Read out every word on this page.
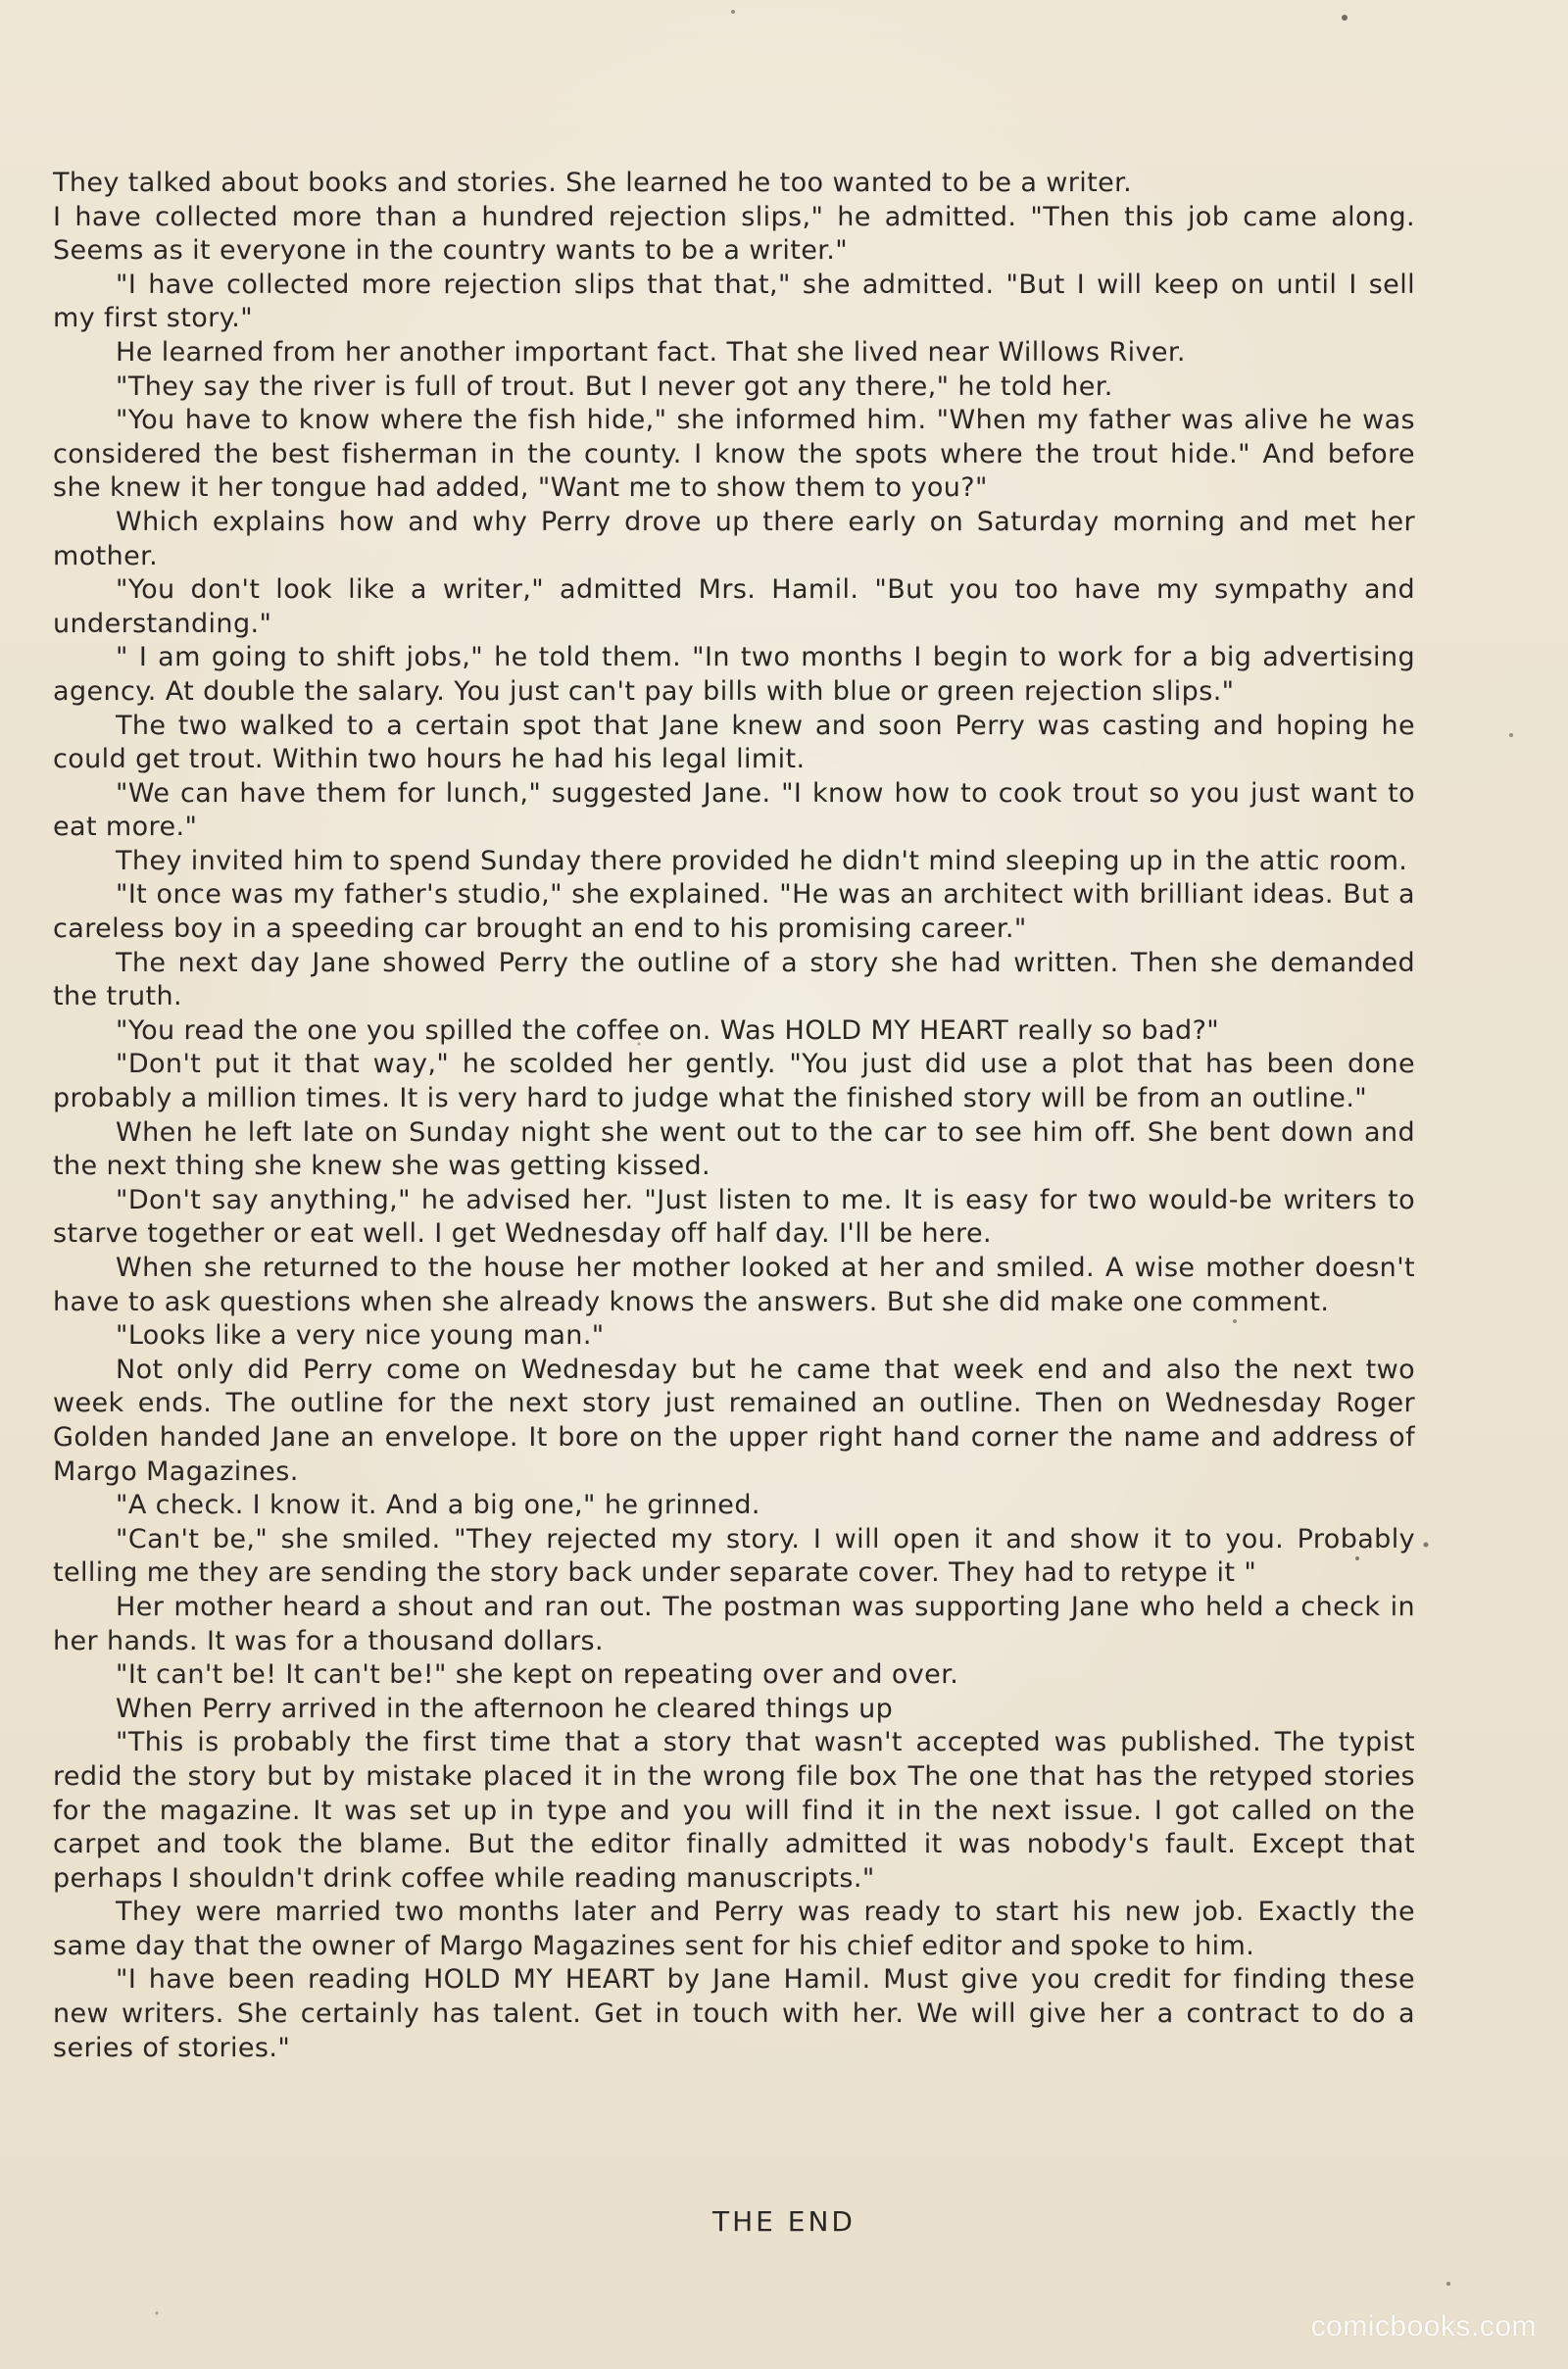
They talked about books and stories. She learned he too wanted to be a writer.

I have collected more than a hundred rejection slips," he admitted. "Then this job came along. Seems as it everyone in the country wants to be a writer."

"I have collected more rejection slips that that," she admitted. "But I will keep on until I sell my first story."

He learned from her another important fact. That she lived near Willows River.

"They say the river is full of trout. But I never got any there," he told her.

"You have to know where the fish hide," she informed him. "When my father was alive he was considered the best fisherman in the county. I know the spots where the trout hide." And before she knew it her tongue had added, "Want me to show them to you?"

Which explains how and why Perry drove up there early on Saturday morning and met her mother.

"You don't look like a writer," admitted Mrs. Hamil. "But you too have my sympathy and understanding."

" I am going to shift jobs," he told them. "In two months I begin to work for a big advertising agency. At double the salary. You just can't pay bills with blue or green rejection slips."

The two walked to a certain spot that Jane knew and soon Perry was casting and hoping he could get trout. Within two hours he had his legal limit.

"We can have them for lunch," suggested Jane. "I know how to cook trout so you just want to eat more."

They invited him to spend Sunday there provided he didn't mind sleeping up in the attic room.

"It once was my father's studio," she explained. "He was an architect with brilliant ideas. But a careless boy in a speeding car brought an end to his promising career."

The next day Jane showed Perry the outline of a story she had written. Then she demanded the truth.

"You read the one you spilled the coffee on. Was HOLD MY HEART really so bad?"

"Don't put it that way," he scolded her gently. "You just did use a plot that has been done probably a million times. It is very hard to judge what the finished story will be from an outline."

When he left late on Sunday night she went out to the car to see him off. She bent down and the next thing she knew she was getting kissed.

"Don't say anything," he advised her. "Just listen to me. It is easy for two would-be writers to starve together or eat well. I get Wednesday off half day. I'll be here.

When she returned to the house her mother looked at her and smiled. A wise mother doesn't have to ask questions when she already knows the answers. But she did make one comment.

"Looks like a very nice young man."

Not only did Perry come on Wednesday but he came that week end and also the next two week ends. The outline for the next story just remained an outline. Then on Wednesday Roger Golden handed Jane an envelope. It bore on the upper right hand corner the name and address of Margo Magazines.

"A check. I know it. And a big one," he grinned.

"Can't be," she smiled. "They rejected my story. I will open it and show it to you. Probably telling me they are sending the story back under separate cover. They had to retype it "

Her mother heard a shout and ran out. The postman was supporting Jane who held a check in her hands. It was for a thousand dollars.

"It can't be! It can't be!" she kept on repeating over and over.

When Perry arrived in the afternoon he cleared things up

"This is probably the first time that a story that wasn't accepted was published. The typist redid the story but by mistake placed it in the wrong file box The one that has the retyped stories for the magazine. It was set up in type and you will find it in the next issue. I got called on the carpet and took the blame. But the editor finally admitted it was nobody's fault. Except that perhaps I shouldn't drink coffee while reading manuscripts."

They were married two months later and Perry was ready to start his new job. Exactly the same day that the owner of Margo Magazines sent for his chief editor and spoke to him.

"I have been reading HOLD MY HEART by Jane Hamil. Must give you credit for finding these new writers. She certainly has talent. Get in touch with her. We will give her a contract to do a series of stories."

THE END
comicbooks.com
